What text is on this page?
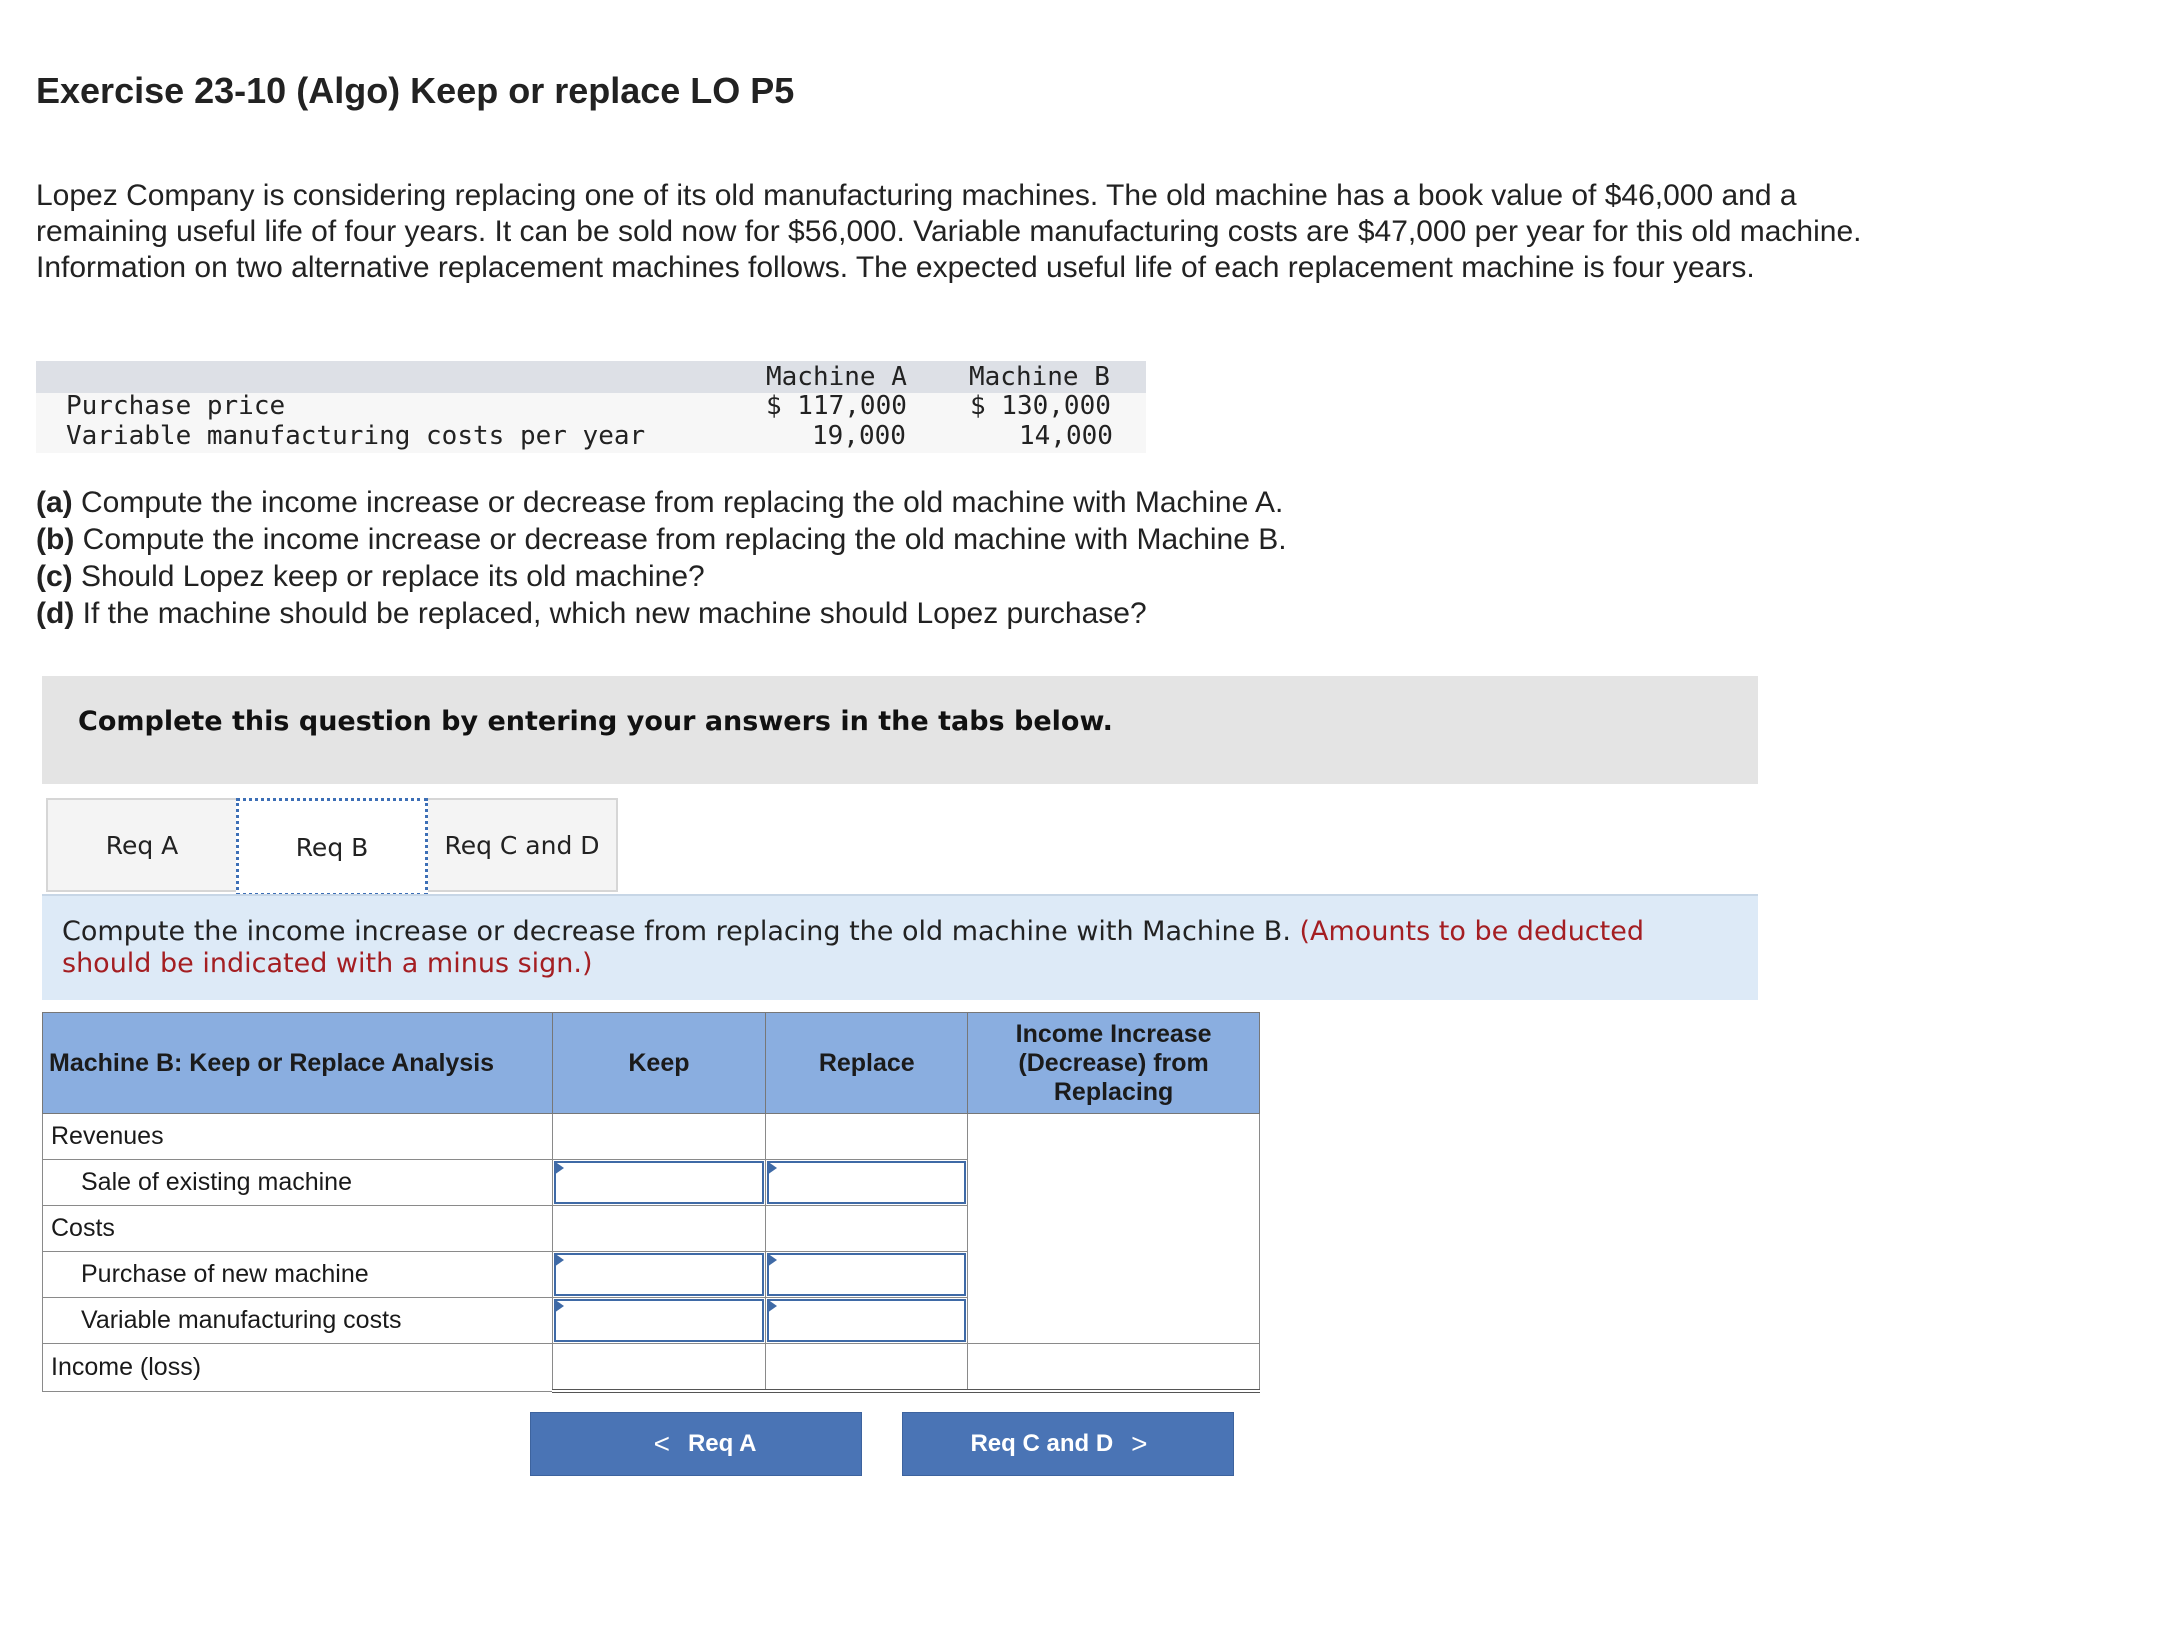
Exercise 23-10 (Algo) Keep or replace LO P5
Lopez Company is considering replacing one of its old manufacturing machines. The old machine has a book value of $46,000 and a remaining useful life of four years. It can be sold now for $56,000. Variable manufacturing costs are $47,000 per year for this old machine. Information on two alternative replacement machines follows. The expected useful life of each replacement machine is four years.
Machine A Machine B
Purchase price	$ 117,000 $ 130,000
Variable manufacturing costs per year	19,000	14,000
(a) Compute the income increase or decrease from replacing the old machine with Machine A.
(b) Compute the income increase or decrease from replacing the old machine with Machine B.
(c) Should Lopez keep or replace its old machine?
(d) If the machine should be replaced, which new machine should Lopez purchase?
Complete this question by entering your answers in the tabs below.
Req A	Req B	Req C and D

Compute the income increase or decrease from replacing the old machine with Machine B. (Amounts to be deducted should be indicated with a minus sign.)

Machine B: Keep or Replace Analysis	Keep	Replace	Income Increase (Decrease) from Replacing
Revenues			
Sale of existing machine		

Costs			
Purchase of new machine		

Variable manufacturing costs		

Income (loss)			
< Req A	Req C and D >
